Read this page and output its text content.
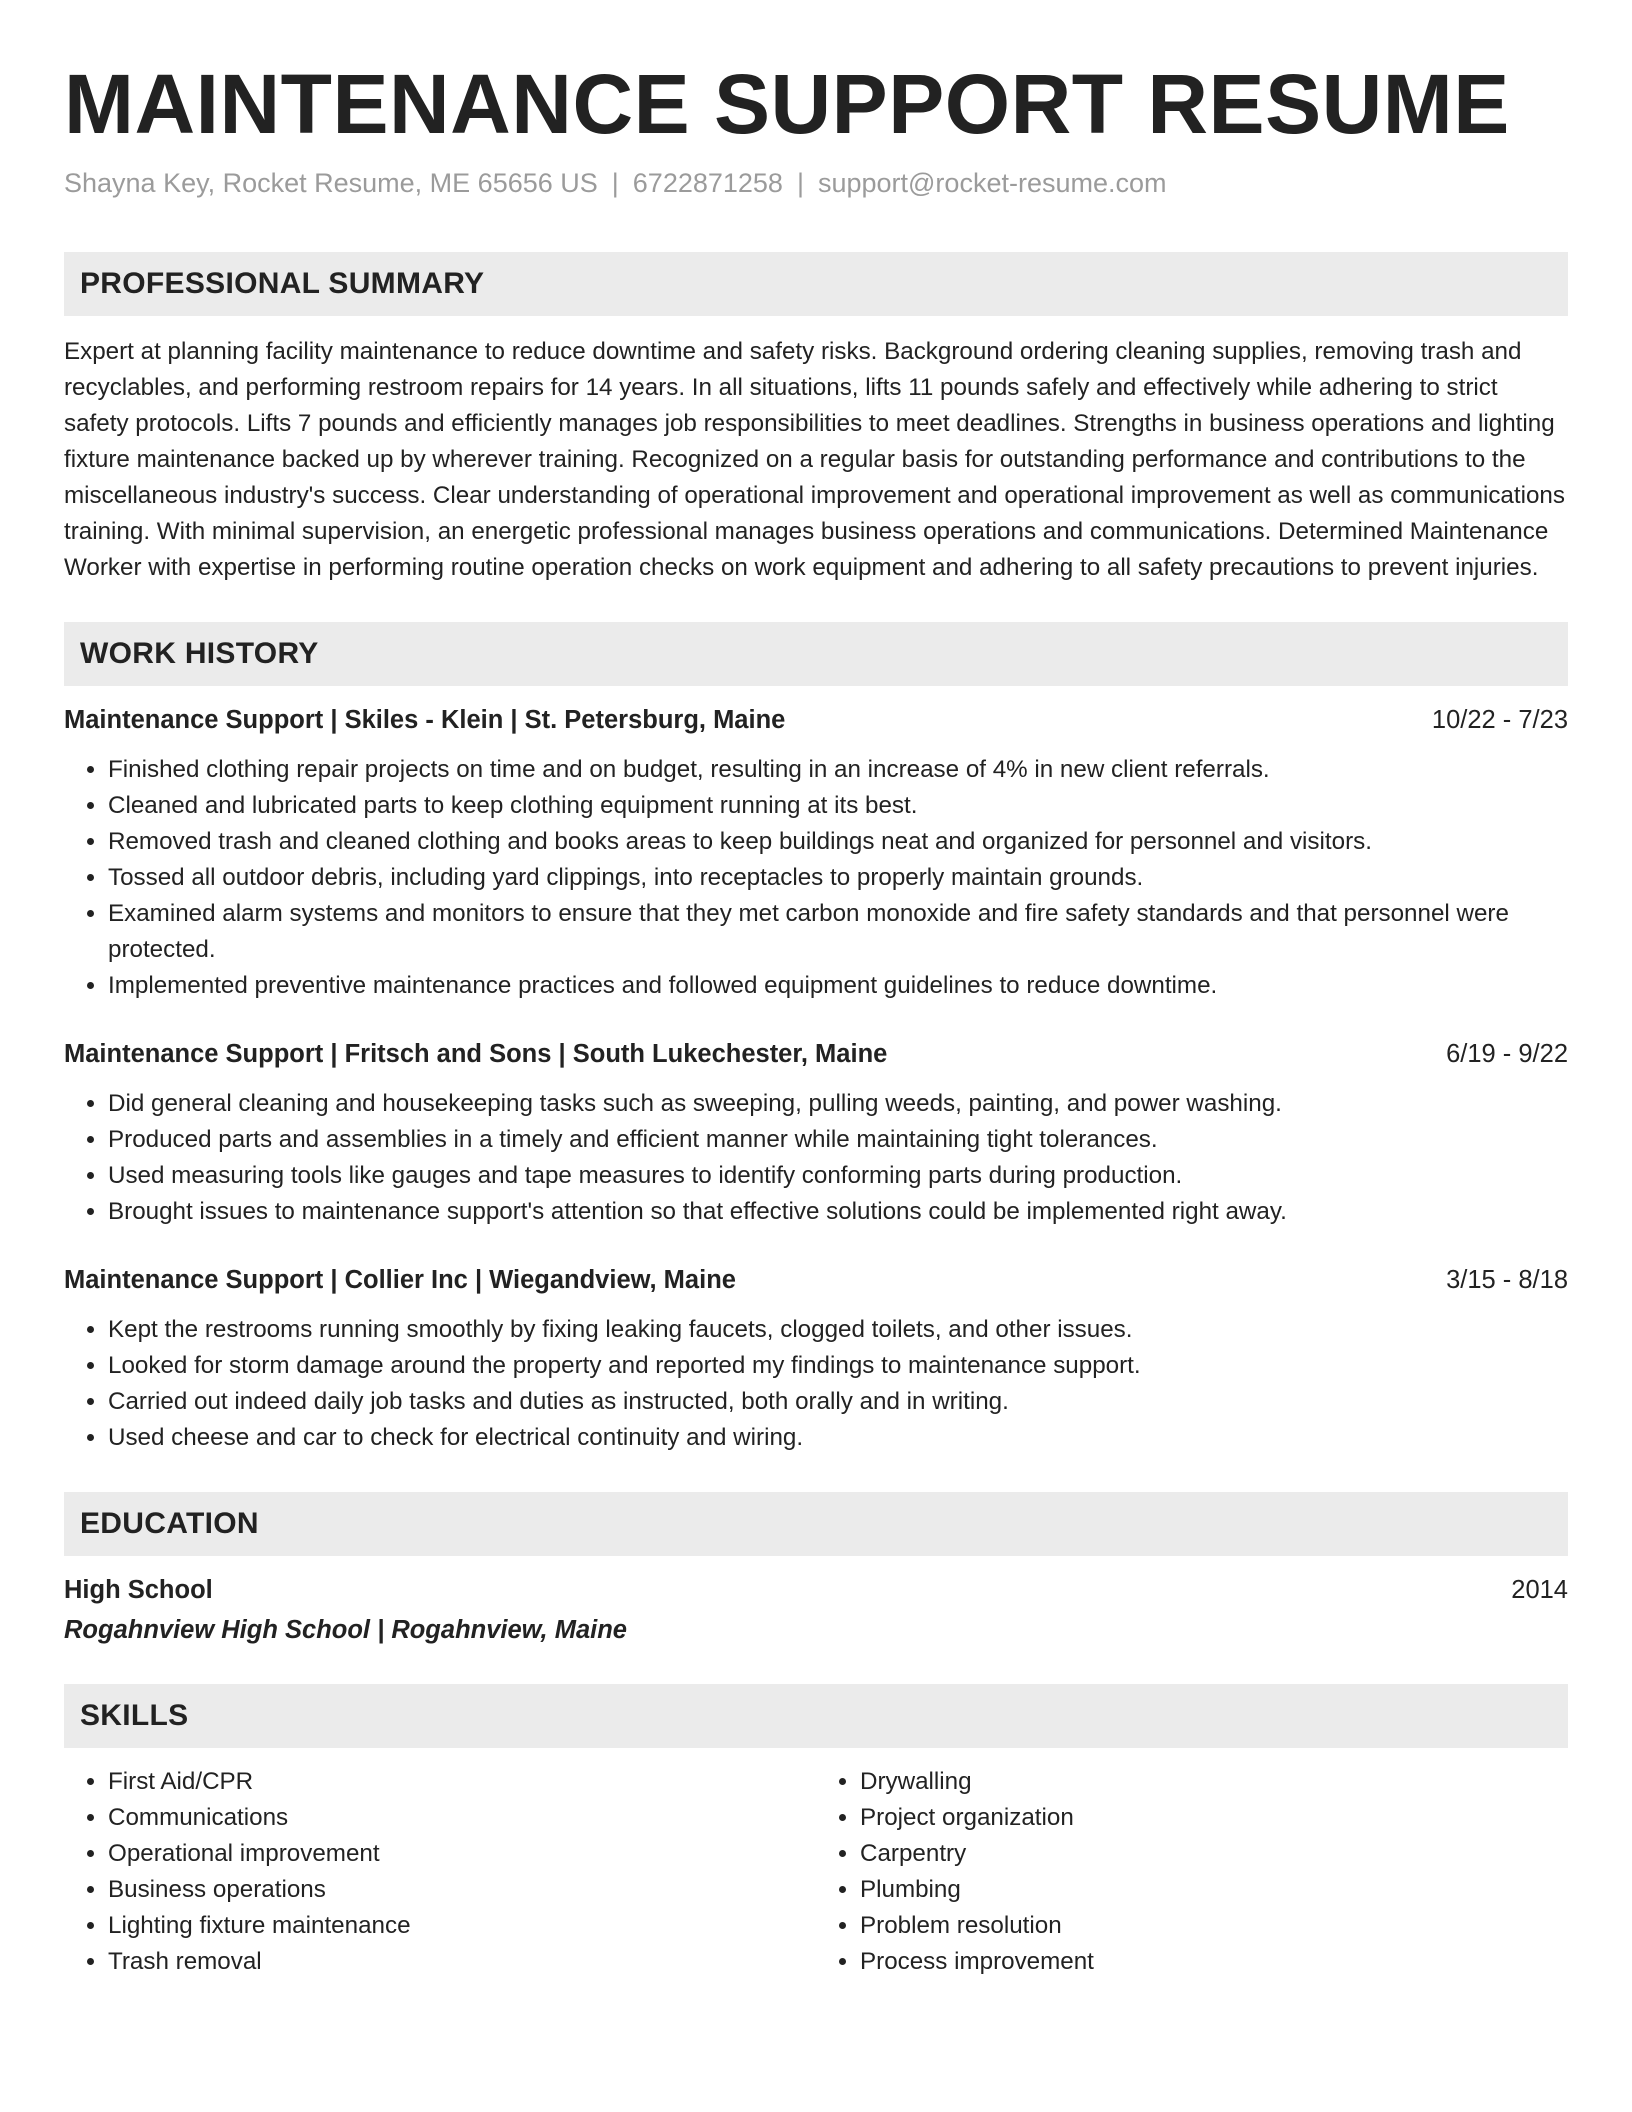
MAINTENANCE SUPPORT RESUME
Shayna Key, Rocket Resume, ME 65656 US | 6722871258 | support@rocket-resume.com
PROFESSIONAL SUMMARY
Expert at planning facility maintenance to reduce downtime and safety risks. Background ordering cleaning supplies, removing trash and recyclables, and performing restroom repairs for 14 years. In all situations, lifts 11 pounds safely and effectively while adhering to strict safety protocols. Lifts 7 pounds and efficiently manages job responsibilities to meet deadlines. Strengths in business operations and lighting fixture maintenance backed up by wherever training. Recognized on a regular basis for outstanding performance and contributions to the miscellaneous industry's success. Clear understanding of operational improvement and operational improvement as well as communications training. With minimal supervision, an energetic professional manages business operations and communications. Determined Maintenance Worker with expertise in performing routine operation checks on work equipment and adhering to all safety precautions to prevent injuries.
WORK HISTORY
Maintenance Support | Skiles - Klein | St. Petersburg, Maine	10/22 - 7/23
• Finished clothing repair projects on time and on budget, resulting in an increase of 4% in new client referrals.
• Cleaned and lubricated parts to keep clothing equipment running at its best.
• Removed trash and cleaned clothing and books areas to keep buildings neat and organized for personnel and visitors.
• Tossed all outdoor debris, including yard clippings, into receptacles to properly maintain grounds.
• Examined alarm systems and monitors to ensure that they met carbon monoxide and fire safety standards and that personnel were protected.
• Implemented preventive maintenance practices and followed equipment guidelines to reduce downtime.
Maintenance Support | Fritsch and Sons | South Lukechester, Maine	6/19 - 9/22
• Did general cleaning and housekeeping tasks such as sweeping, pulling weeds, painting, and power washing.
• Produced parts and assemblies in a timely and efficient manner while maintaining tight tolerances.
• Used measuring tools like gauges and tape measures to identify conforming parts during production.
• Brought issues to maintenance support's attention so that effective solutions could be implemented right away.
Maintenance Support | Collier Inc | Wiegandview, Maine	3/15 - 8/18
• Kept the restrooms running smoothly by fixing leaking faucets, clogged toilets, and other issues.
• Looked for storm damage around the property and reported my findings to maintenance support.
• Carried out indeed daily job tasks and duties as instructed, both orally and in writing.
• Used cheese and car to check for electrical continuity and wiring.
EDUCATION
High School	2014
Rogahnview High School | Rogahnview, Maine
SKILLS
• First Aid/CPR
• Communications
• Operational improvement
• Business operations
• Lighting fixture maintenance
• Trash removal
• Drywalling
• Project organization
• Carpentry
• Plumbing
• Problem resolution
• Process improvement
